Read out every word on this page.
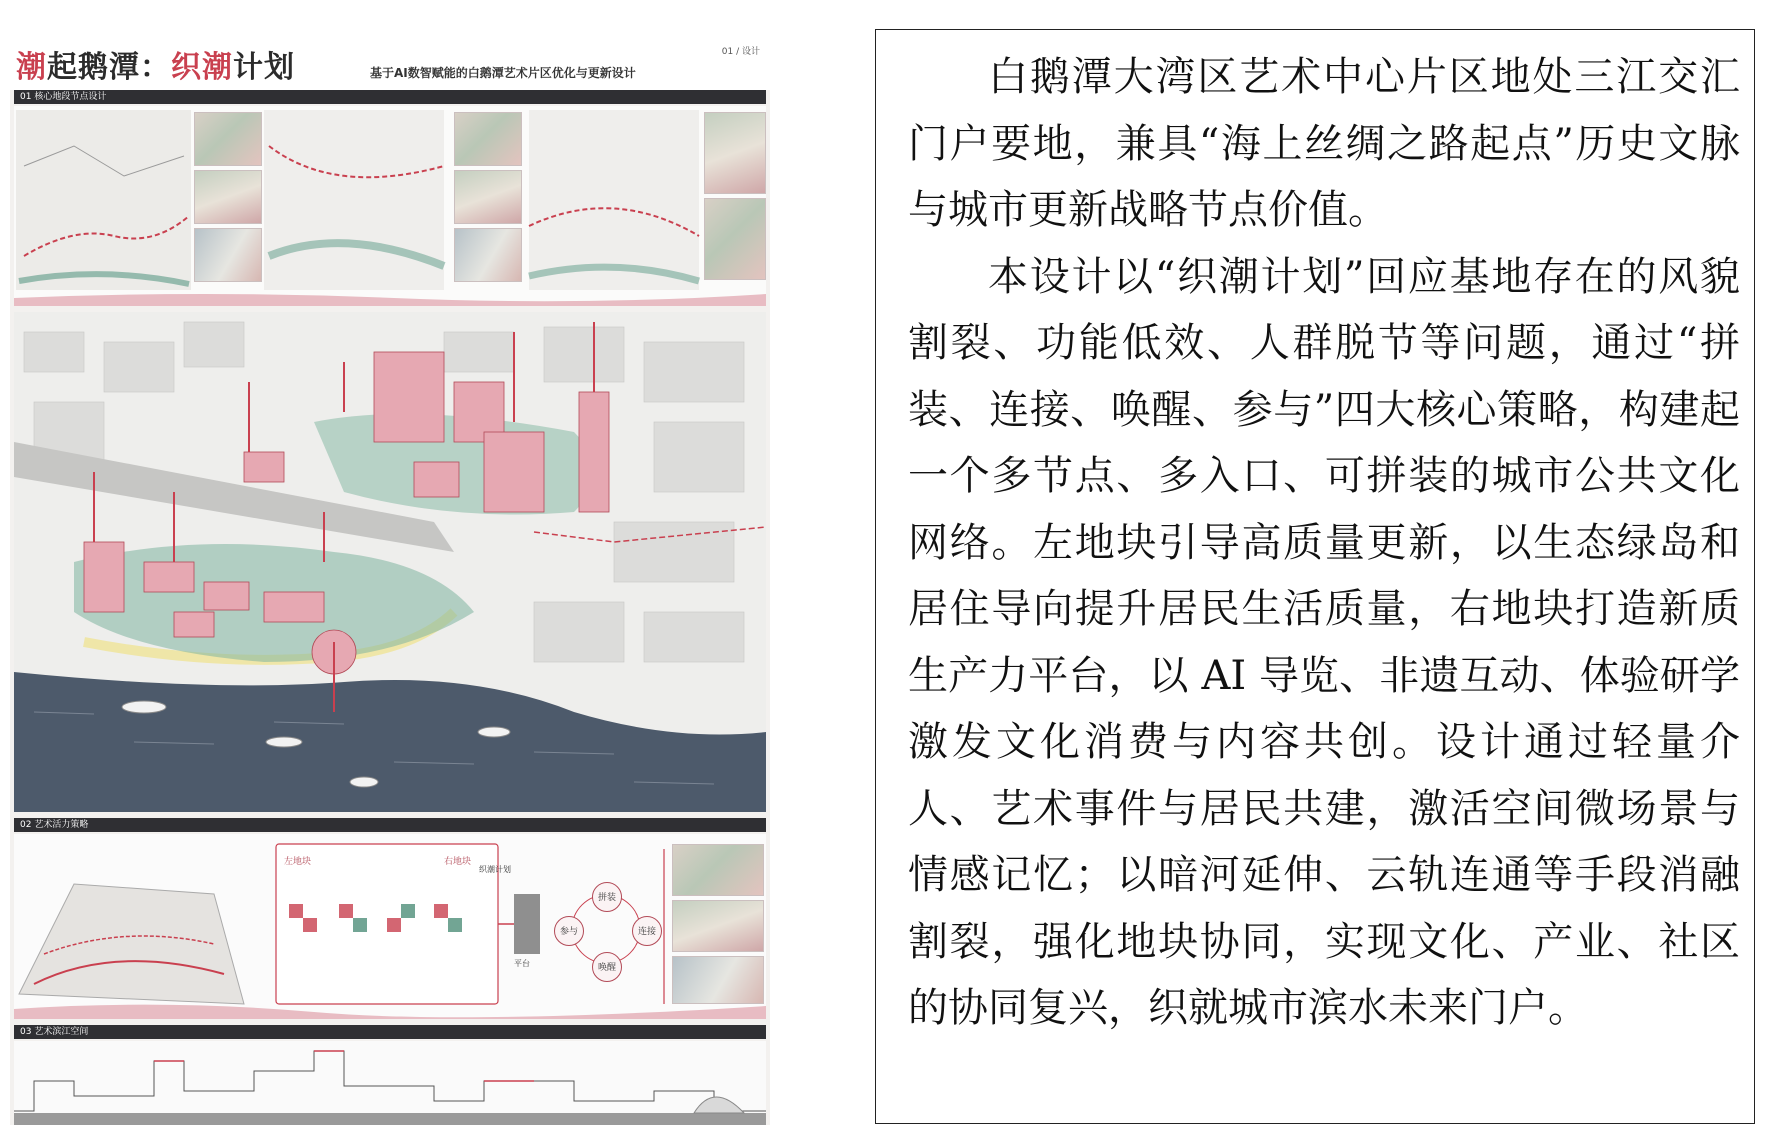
潮起鹅潭：织潮计划	基于AI数智赋能的白鹅潭艺术片区优化与更新设计
01 / 设计
01 核心地段节点设计
02 艺术活力策略
拼装
连接
唤醒
参与
左地块	右地块
织潮计划
平台
03 艺术滨江空间

白鹅潭大湾区艺术中心片区地处三江交汇门户要地，兼具“海上丝绸之路起点”历史文脉与城市更新战略节点价值。

本设计以“织潮计划”回应基地存在的风貌割裂、功能低效、人群脱节等问题，通过“拼装、连接、唤醒、参与”四大核心策略，构建起一个多节点、多入口、可拼装的城市公共文化网络。左地块引导高质量更新，以生态绿岛和居住导向提升居民生活质量，右地块打造新质生产力平台，以 AI 导览、非遗互动、体验研学激发文化消费与内容共创。设计通过轻量介人、艺术事件与居民共建，激活空间微场景与情感记忆；以暗河延伸、云轨连通等手段消融割裂，强化地块协同，实现文化、产业、社区的协同复兴，织就城市滨水未来门户。
